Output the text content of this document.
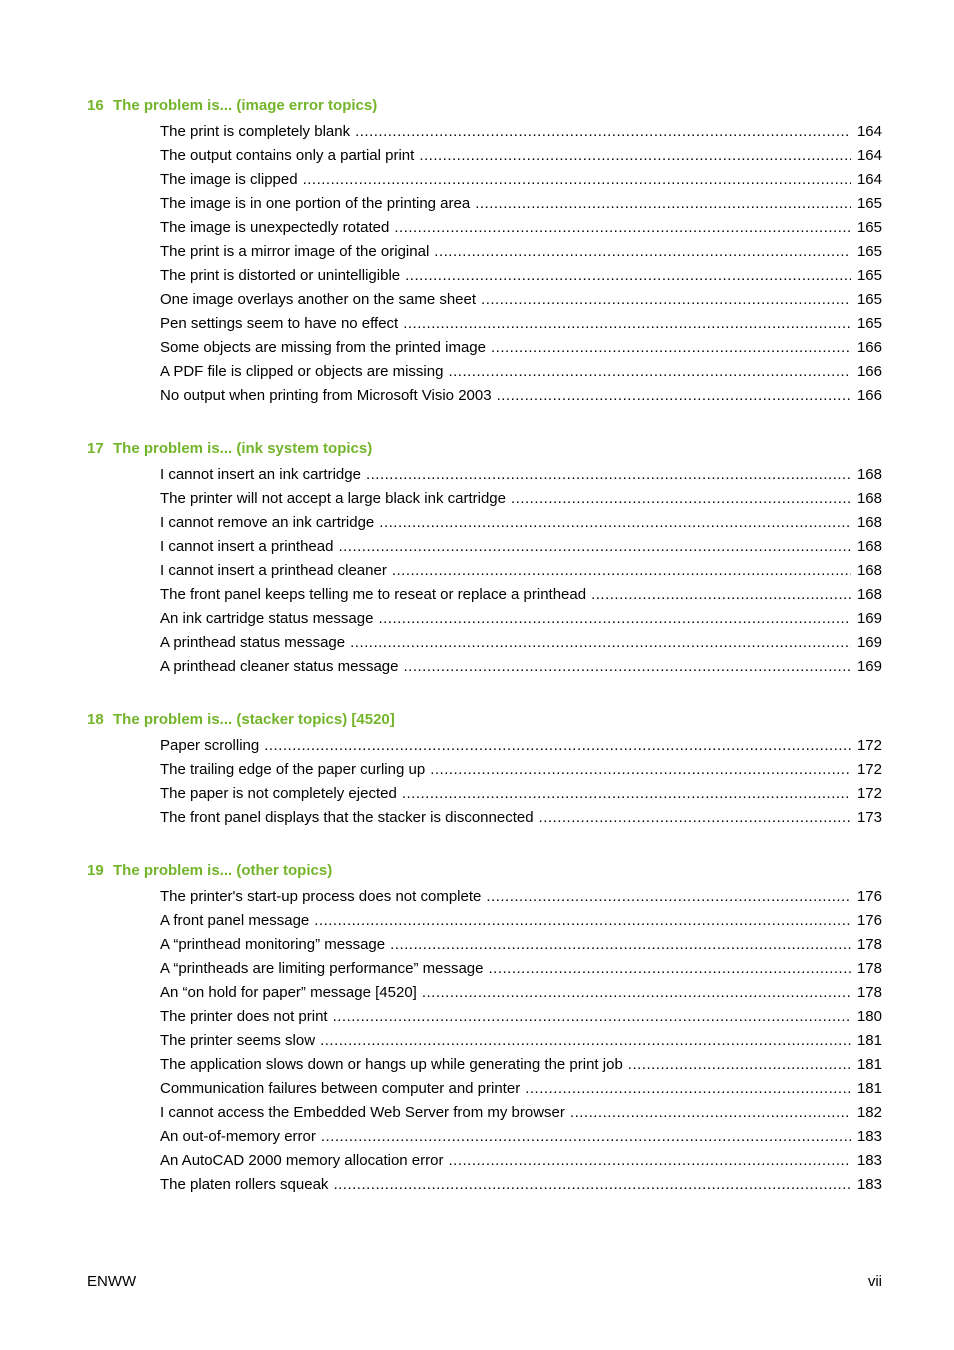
16 The problem is... (image error topics)
The print is completely blank .....	164
The output contains only a partial print .....	164
The image is clipped .....	164
The image is in one portion of the printing area .....	165
The image is unexpectedly rotated .....	165
The print is a mirror image of the original .....	165
The print is distorted or unintelligible .....	165
One image overlays another on the same sheet .....	165
Pen settings seem to have no effect .....	165
Some objects are missing from the printed image .....	166
A PDF file is clipped or objects are missing .....	166
No output when printing from Microsoft Visio 2003 .....	166
17 The problem is... (ink system topics)
I cannot insert an ink cartridge .....	168
The printer will not accept a large black ink cartridge .....	168
I cannot remove an ink cartridge .....	168
I cannot insert a printhead .....	168
I cannot insert a printhead cleaner .....	168
The front panel keeps telling me to reseat or replace a printhead .....	168
An ink cartridge status message .....	169
A printhead status message .....	169
A printhead cleaner status message .....	169
18 The problem is... (stacker topics) [4520]
Paper scrolling .....	172
The trailing edge of the paper curling up .....	172
The paper is not completely ejected .....	172
The front panel displays that the stacker is disconnected .....	173
19 The problem is... (other topics)
The printer's start-up process does not complete .....	176
A front panel message .....	176
A “printhead monitoring” message .....	178
A “printheads are limiting performance” message .....	178
An “on hold for paper” message [4520] .....	178
The printer does not print .....	180
The printer seems slow .....	181
The application slows down or hangs up while generating the print job .....	181
Communication failures between computer and printer .....	181
I cannot access the Embedded Web Server from my browser .....	182
An out-of-memory error .....	183
An AutoCAD 2000 memory allocation error .....	183
The platen rollers squeak .....	183
ENWW	vii
